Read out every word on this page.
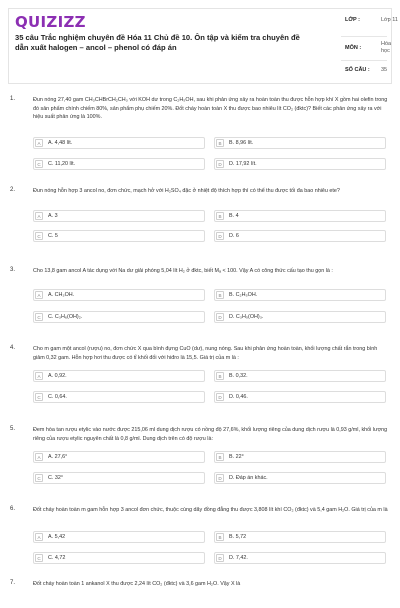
QUIZIZZ
35 câu Trắc nghiệm chuyên đề Hóa 11 Chủ đề 10. Ôn tập và kiểm tra chuyên đề dẫn xuất halogen – ancol – phenol có đáp án
LỚP :	Lớp 11
MÔN :
Hóa học
SỐ CÂU : 35
1.	Đun nóng 27,40 gam CH₃CHBrCH₂CH₃ với KOH dư trong C₂H₅OH, sau khi phản ứng xảy ra hoàn toàn thu được hỗn hợp khí X gồm hai olefin trong đó sản phẩm chính chiếm 80%, sản phẩm phụ chiếm 20%. Đốt cháy hoàn toàn X thu được bao nhiêu lít CO₂ (đktc)? Biết các phản ứng xảy ra với hiệu suất phản ứng là 100%.
A	A. 4,48 lít.	B	B. 8,96 lít.
C	C. 11,20 lít.	D	D. 17,92 lít.
2.	Đun nóng hỗn hợp 3 ancol no, đơn chức, mạch hở với H₂SO₄ đặc ở nhiệt độ thích hợp thì có thể thu được tối đa bao nhiêu ete?
A	A. 3	B	B. 4
C	C. 5	D	D. 6
3.	Cho 13,8 gam ancol A tác dụng với Na dư giải phóng 5,04 lít H₂ ở đktc, biết Mₐ < 100. Vậy A có công thức cấu tạo thu gọn là :
A	A. CH₃OH.	B	B. C₂H₅OH.
C	C. C₃H₆(OH)₂.	D	D. C₃H₅(OH)₃.
4.	Cho m gam một ancol (rượu) no, đơn chức X qua bình đựng CuO (dư), nung nóng. Sau khi phản ứng hoàn toàn, khối lượng chất rắn trong bình giảm 0,32 gam. Hỗn hợp hơi thu được có tỉ khối đối với hiđro là 15,5. Giá trị của m là :
A	A. 0,92.	B	B. 0,32.
C	C. 0,64.	D	D. 0,46.
5.	Đem hòa tan rượu etylic vào nước được 215,06 ml dung dịch rượu có nồng độ 27,6%, khối lượng riêng của dung dịch rượu là 0,93 g/ml, khối lượng riêng của rượu etylic nguyên chất là 0,8 g/ml. Dung dịch trên có độ rượu là:
A	A. 27,6°	B	B. 22°
C	C. 32°	D	D. Đáp án khác.
6.	Đốt cháy hoàn toàn m gam hỗn hợp 3 ancol đơn chức, thuộc cùng dãy đồng đẳng thu được 3,808 lít khí CO₂ (đktc) và 5,4 gam H₂O. Giá trị của m là
A	A. 5,42	B	B. 5,72
C	C. 4,72	D	D. 7,42.
7.	Đốt cháy hoàn toàn 1 ankanol X thu được 2,24 lít CO₂ (đktc) và 3,6 gam H₂O. Vậy X là
